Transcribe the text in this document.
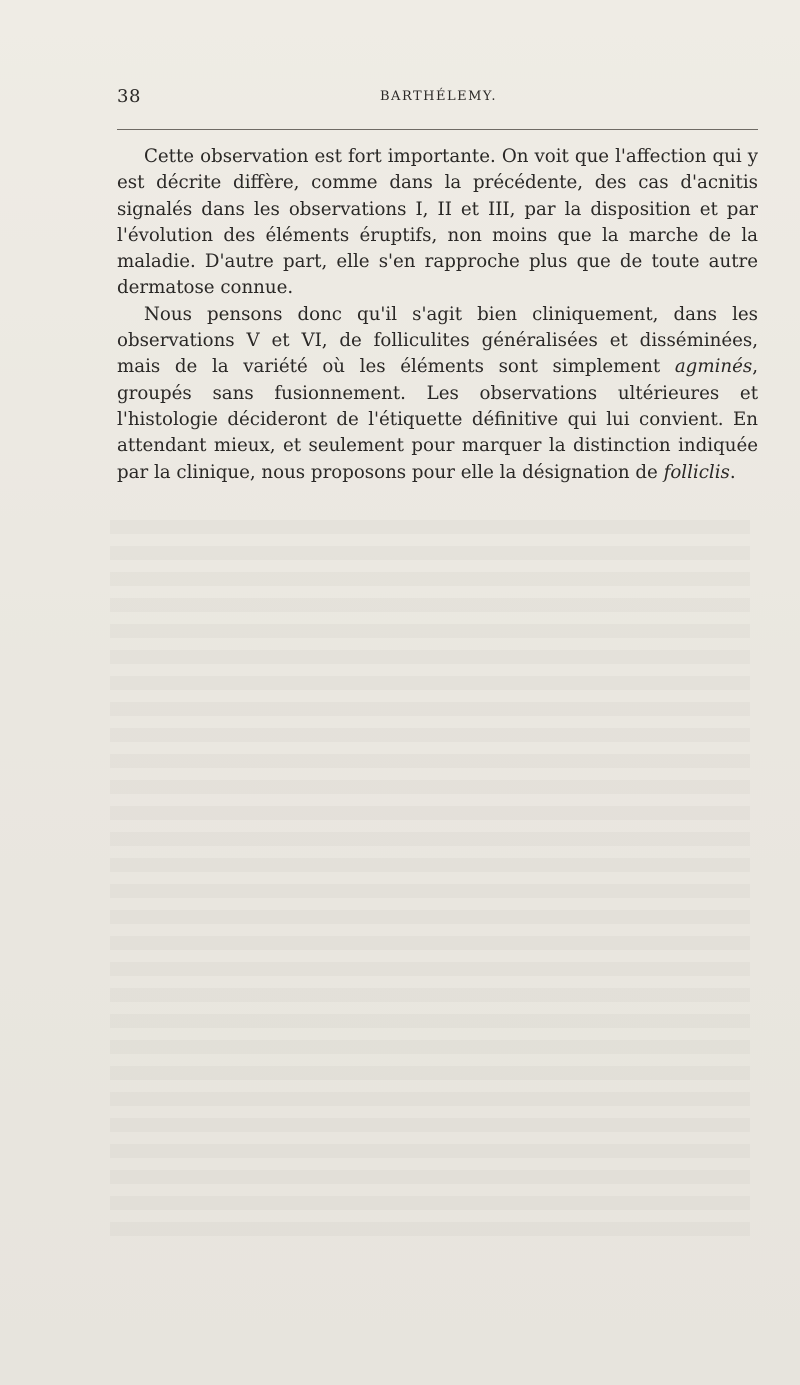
38	BARTHÉLEMY.

Cette observation est fort importante. On voit que l'affection qui y est décrite diffère, comme dans la précédente, des cas d'acnitis signalés dans les observations I, II et III, par la disposition et par l'évolution des éléments éruptifs, non moins que la marche de la maladie. D'autre part, elle s'en rapproche plus que de toute autre dermatose connue.

Nous pensons donc qu'il s'agit bien cliniquement, dans les observations V et VI, de folliculites généralisées et disséminées, mais de la variété où les éléments sont simplement agminés, groupés sans fusionnement. Les observations ultérieures et l'histologie décideront de l'étiquette définitive qui lui convient. En attendant mieux, et seulement pour marquer la distinction indiquée par la clinique, nous proposons pour elle la désignation de folliclis.
